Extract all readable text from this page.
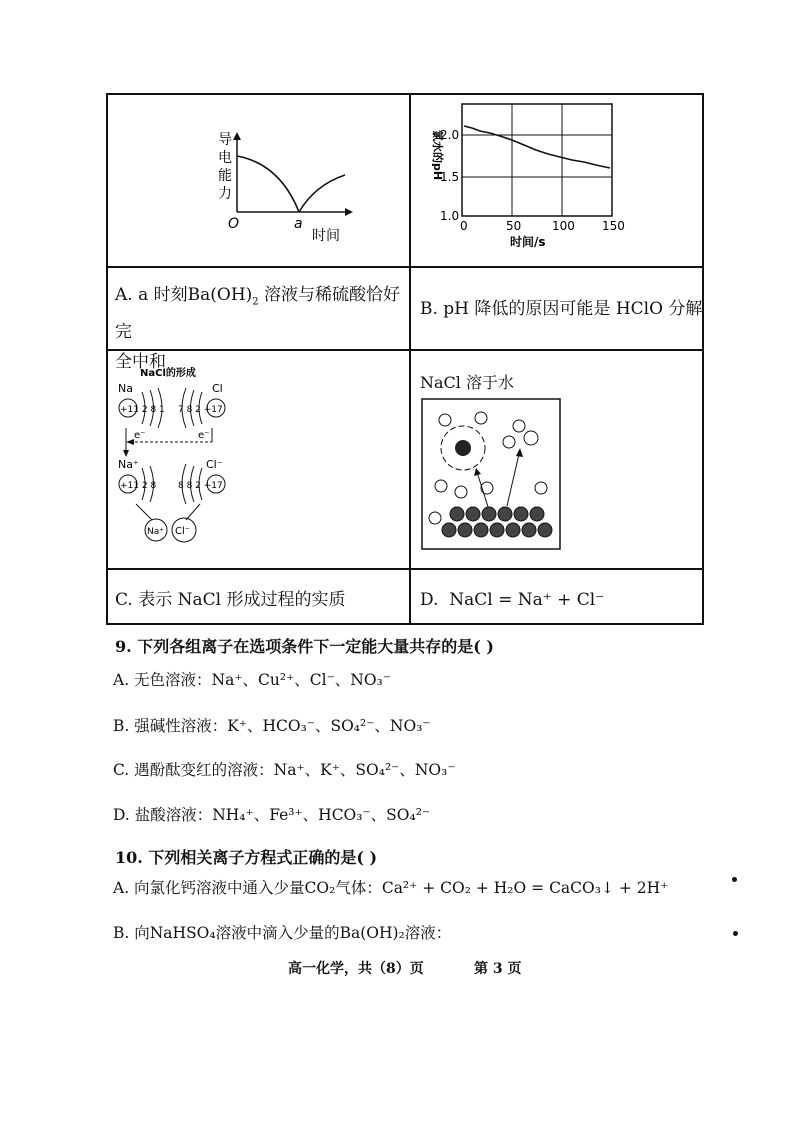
导
电
能
力
O	a
时间
A. a 时刻$Ba(OH)_2$ 溶液与稀硫酸恰好完
全中和
氯水的pH
2.0
1.5
1.0
0	50	100 150
时间/s
B. pH 降低的原因可能是 HClO 分解
NaCl的形成
Na	Cl
+11 2 8 1 7 8 2 +17
e⁻	e⁻
Na⁺	Cl⁻
+11 2 8 8 8 2 +17
Na⁺ Cl⁻
C. 表示 NaCl 形成过程的实质
NaCl 溶于水
D. NaCl = Na⁺ + Cl⁻
9. 下列各组离子在选项条件下一定能大量共存的是( )
A. 无色溶液：Na⁺、Cu²⁺、Cl⁻、NO₃⁻
B. 强碱性溶液：K⁺、HCO₃⁻、SO₄²⁻、NO₃⁻
C. 遇酚酞变红的溶液：Na⁺、K⁺、SO₄²⁻、NO₃⁻
D. 盐酸溶液：NH₄⁺、Fe³⁺、HCO₃⁻、SO₄²⁻
10. 下列相关离子方程式正确的是( )
A. 向氯化钙溶液中通入少量CO₂气体：Ca²⁺ + CO₂ + H₂O = CaCO₃↓ + 2H⁺
B. 向NaHSO₄溶液中滴入少量的Ba(OH)₂溶液：
高一化学，共（8）页	第 3 页
